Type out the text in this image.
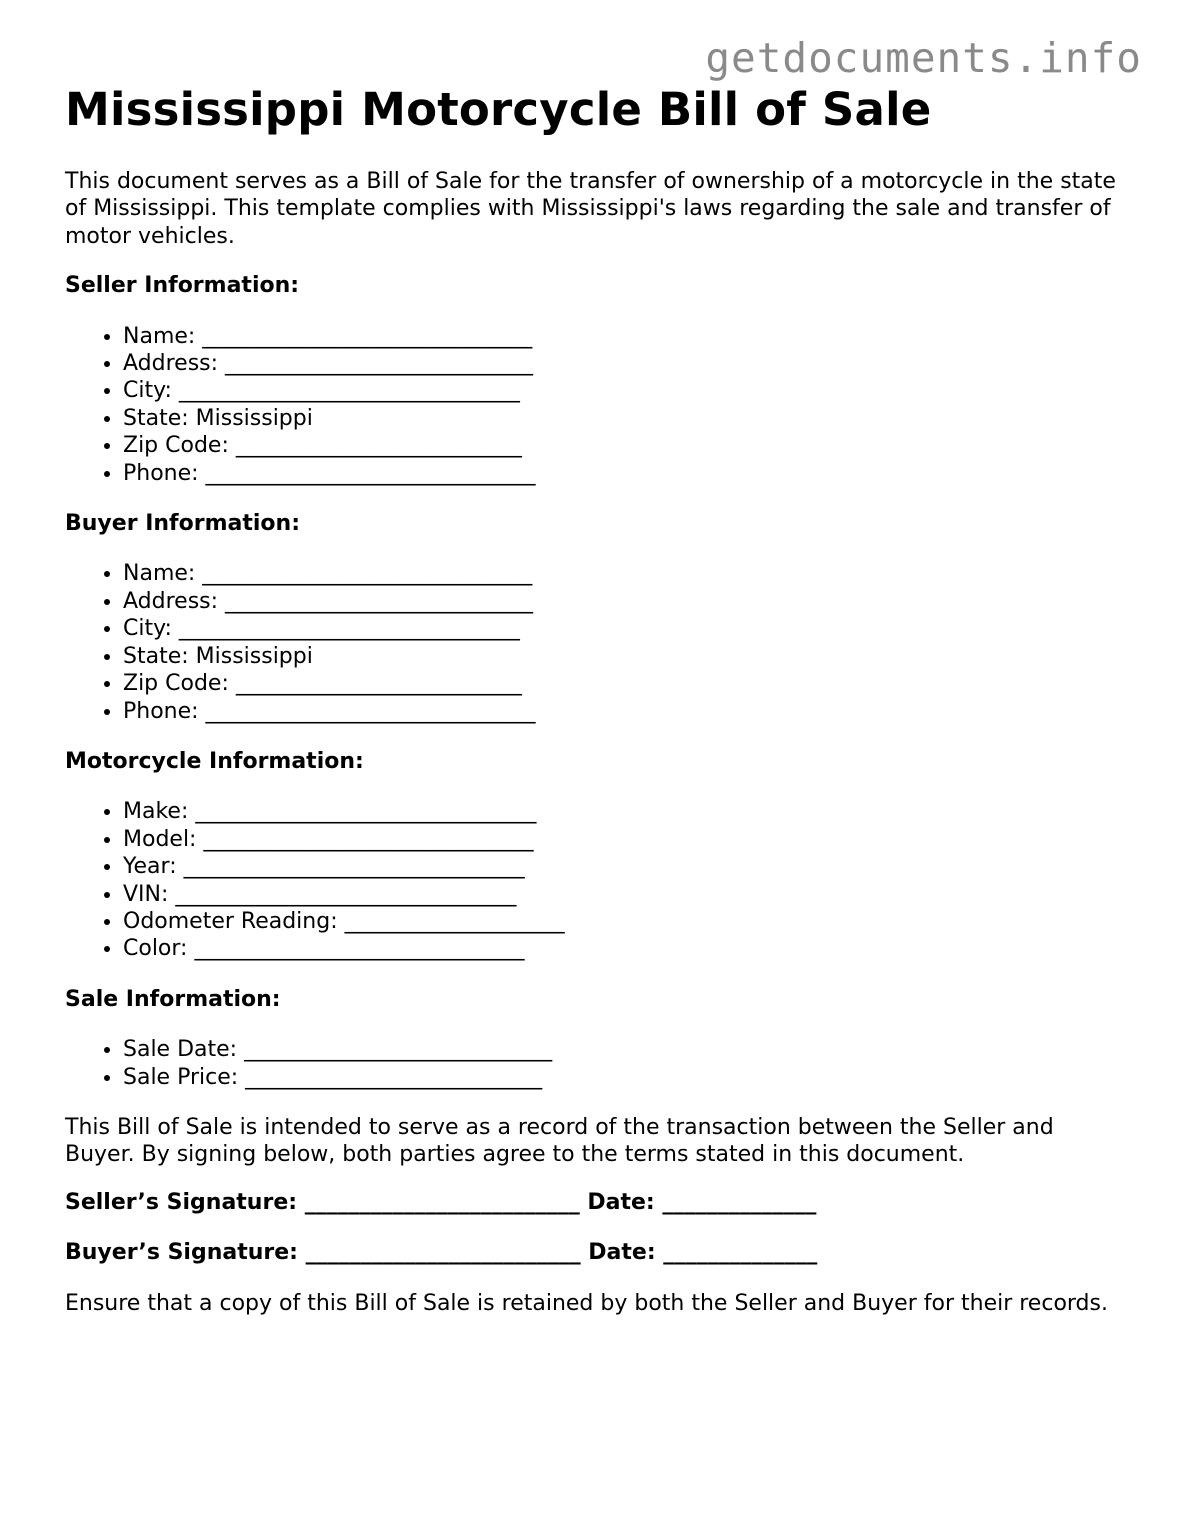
getdocuments.info
Mississippi Motorcycle Bill of Sale

This document serves as a Bill of Sale for the transfer of ownership of a motorcycle in the state of Mississippi. This template complies with Mississippi's laws regarding the sale and transfer of motor vehicles.

Seller Information:
• Name: ______________________________
• Address: ____________________________
• City: _______________________________
• State: Mississippi
• Zip Code: __________________________
• Phone: ______________________________
Buyer Information:
• Name: ______________________________
• Address: ____________________________
• City: _______________________________
• State: Mississippi
• Zip Code: __________________________
• Phone: ______________________________
Motorcycle Information:
• Make: _______________________________
• Model: ______________________________
• Year: _______________________________
• VIN: _______________________________
• Odometer Reading: ____________________
• Color: ______________________________
Sale Information:
• Sale Date: ____________________________
• Sale Price: ___________________________

This Bill of Sale is intended to serve as a record of the transaction between the Seller and Buyer. By signing below, both parties agree to the terms stated in this document.

Seller’s Signature: _________________________ Date: ______________
Buyer’s Signature: _________________________ Date: ______________

Ensure that a copy of this Bill of Sale is retained by both the Seller and Buyer for their records.
